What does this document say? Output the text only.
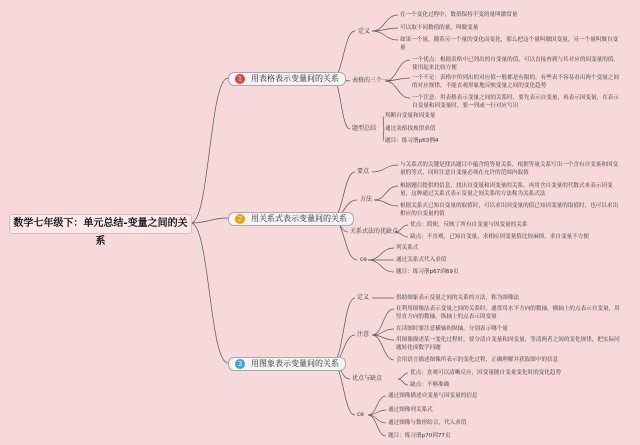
数学七年级下：单元总结-变量之间的关系
1	用表格表示变量间的关系
定义
在一个变化过程中，数值保持不变的量叫做常量
可以取不同数值的量，叫做变量
如果一个量，随着另一个量的变化而变化，那么把这个量叫做因变量，另一个量叫做自变量
表格的三个一
一个优点：根据表格中已列出的自变量的值，可以直接查到与其对应的因变量的值，使用起来比较方便
一个不足：表格中所列出的对应值一般都是有限的，有些表不容易看出两个变量之间的对应规律，不能直观形象地反映变量之间的变化趋势
一个注意：用表格表示变量之间的关系时，要先表示自变量，再表示因变量，在表示自变量和因变量时，要一列或一行对应写出
题型总结
判断自变量和因变量
通过表格找规律求值
题目：练习册p63例4
2	用关系式表示变量间的关系
要点
与关系式的关键是找出题目中蕴含的等量关系，根据等量关系写出一个含有自变量和因变量的等式，同时注意自变量必须在允许的范围内取值
方法
根据题目提供的信息，找出自变量和因变量的关系，再用含自变量的代数式来表示因变量，这种通过关系式表示变量之间关系的方法称为关系式法
根据关系式已知自变量的取值时，可以求出因变量的值已知因变量的取值时，也可以求出相应的自变量的值
关系式法的优缺点
优点：简便，反映了所有自变量与因变量的关系
缺点：不直观，已知自变量，求相应因变量值比较麻烦，求自变量不方便
ce
列关系式
通过关系式代入求值
题目：练习册p67到69页
3	用图象表示变量间的关系
定义	借助图象表示变量之间的关系的方法，称为图像法
注意
在利用图像法表示变量之间的关系时，通常用水平方向的数轴，横轴上的点表示自变量，用竖直方向的数轴，纵轴上的点表示因变量
在读图时要注意横轴和纵轴，分别表示哪个量
用图像描述某一变化过程时，要分清自变量和因变量，等清两者之间的变化规律，把实际问题转化成数学问题
会用语言描述图像所表示的变化过程，正确理解并获取图中的信息
优点与缺点
优点：直观可以清晰反应，因变量随自变量变化时的变化趋势
缺点：不够准确
ce
通过图像描述自变量与因变量的信息
通过图像列关系式
通过图像与数形结合，代入求值
题目：练习册p70到77页
